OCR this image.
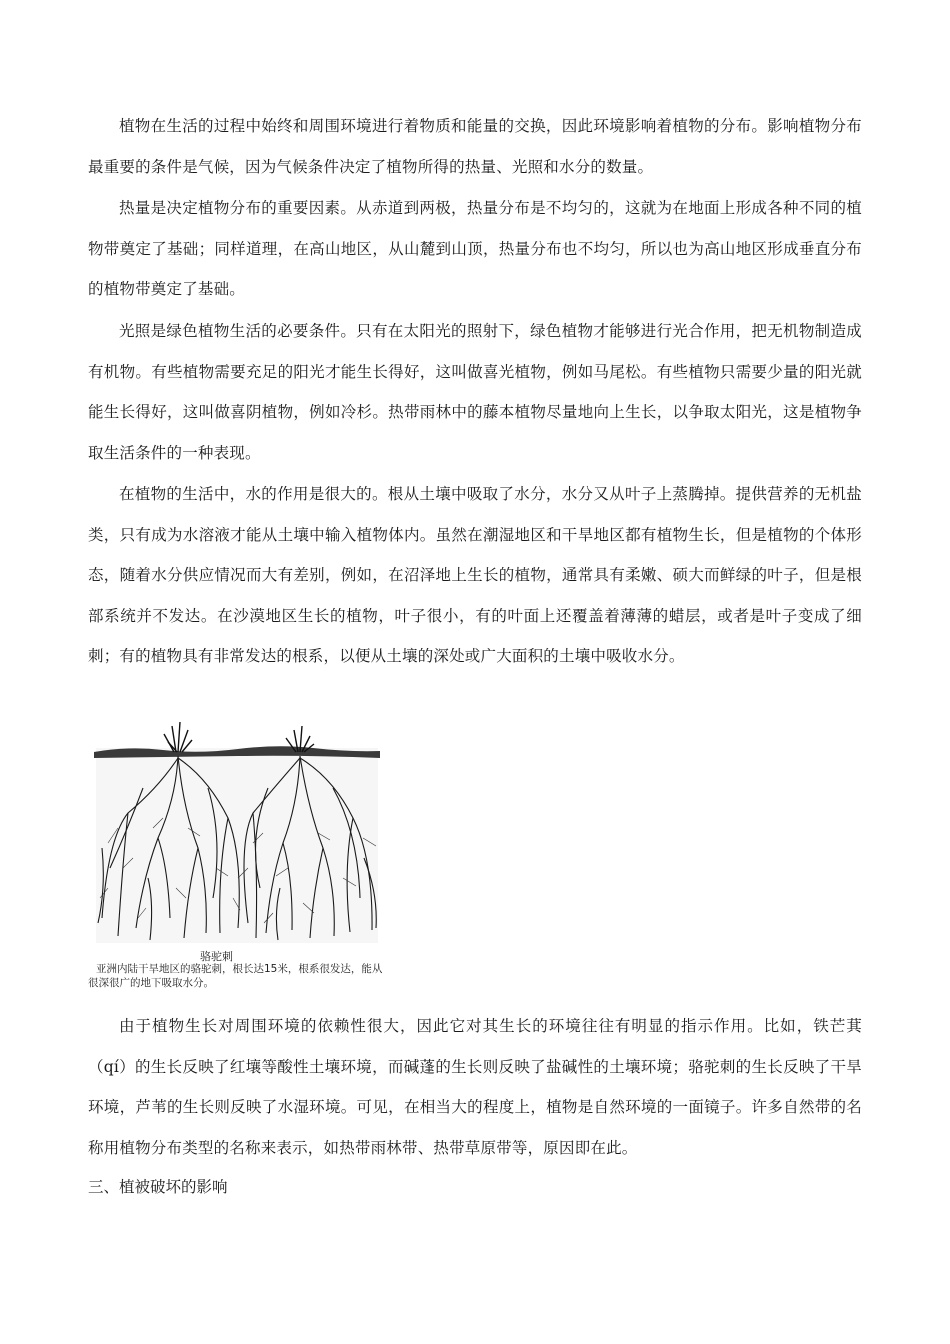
植物在生活的过程中始终和周围环境进行着物质和能量的交换，因此环境影响着植物的分布。影响植物分布最重要的条件是气候，因为气候条件决定了植物所得的热量、光照和水分的数量。

热量是决定植物分布的重要因素。从赤道到两极，热量分布是不均匀的，这就为在地面上形成各种不同的植物带奠定了基础；同样道理，在高山地区，从山麓到山顶，热量分布也不均匀，所以也为高山地区形成垂直分布的植物带奠定了基础。

光照是绿色植物生活的必要条件。只有在太阳光的照射下，绿色植物才能够进行光合作用，把无机物制造成有机物。有些植物需要充足的阳光才能生长得好，这叫做喜光植物，例如马尾松。有些植物只需要少量的阳光就能生长得好，这叫做喜阴植物，例如冷杉。热带雨林中的藤本植物尽量地向上生长，以争取太阳光，这是植物争取生活条件的一种表现。

在植物的生活中，水的作用是很大的。根从土壤中吸取了水分，水分又从叶子上蒸腾掉。提供营养的无机盐类，只有成为水溶液才能从土壤中输入植物体内。虽然在潮湿地区和干旱地区都有植物生长，但是植物的个体形态，随着水分供应情况而大有差别，例如，在沼泽地上生长的植物，通常具有柔嫩、硕大而鲜绿的叶子，但是根部系统并不发达。在沙漠地区生长的植物，叶子很小，有的叶面上还覆盖着薄薄的蜡层，或者是叶子变成了细刺；有的植物具有非常发达的根系，以便从土壤的深处或广大面积的土壤中吸收水分。

骆驼刺
亚洲内陆干旱地区的骆驼刺，根长达15米，根系很发达，能从很深很广的地下吸取水分。

由于植物生长对周围环境的依赖性很大，因此它对其生长的环境往往有明显的指示作用。比如，铁芒萁（qí）的生长反映了红壤等酸性土壤环境，而碱蓬的生长则反映了盐碱性的土壤环境；骆驼刺的生长反映了干旱环境，芦苇的生长则反映了水湿环境。可见，在相当大的程度上，植物是自然环境的一面镜子。许多自然带的名称用植物分布类型的名称来表示，如热带雨林带、热带草原带等，原因即在此。

三、植被破坏的影响
